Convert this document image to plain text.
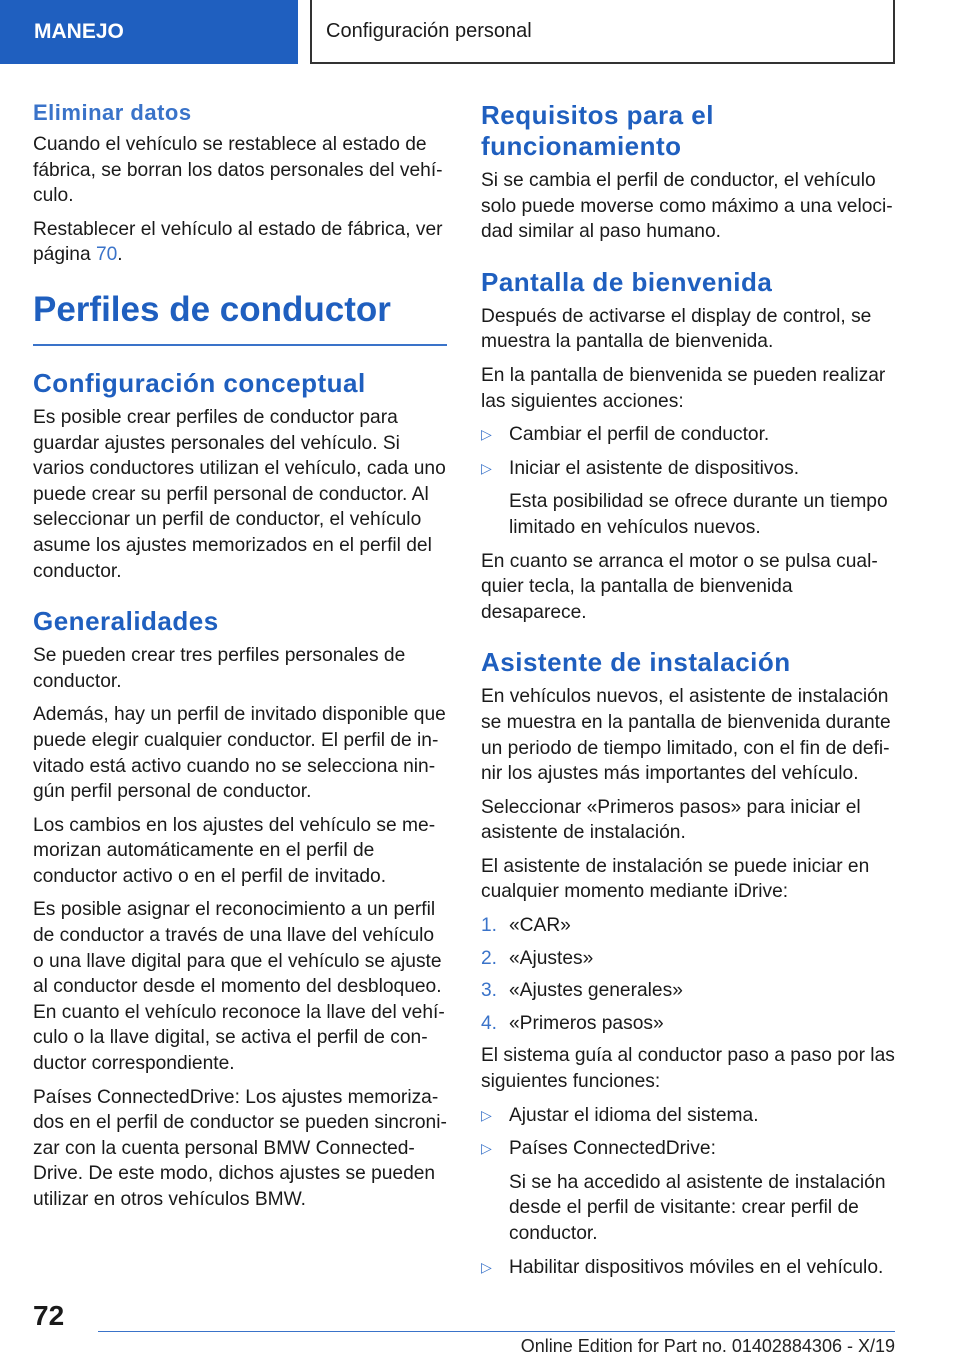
MANEJO	Configuración personal
Eliminar datos

Cuando el vehículo se restablece al estado de fábrica, se borran los datos personales del vehículo.

Restablecer el vehículo al estado de fábrica, ver página 70.

Perfiles de conductor
Configuración conceptual

Es posible crear perfiles de conductor para guardar ajustes personales del vehículo. Si varios conductores utilizan el vehículo, cada uno puede crear su perfil personal de conductor. Al seleccionar un perfil de conductor, el vehículo asume los ajustes memorizados en el perfil del conductor.

Generalidades

Se pueden crear tres perfiles personales de conductor.

Además, hay un perfil de invitado disponible que puede elegir cualquier conductor. El perfil de invitado está activo cuando no se selecciona ningún perfil personal de conductor.

Los cambios en los ajustes del vehículo se memorizan automáticamente en el perfil de conductor activo o en el perfil de invitado.

Es posible asignar el reconocimiento a un perfil de conductor a través de una llave del vehículo o una llave digital para que el vehículo se ajuste al conductor desde el momento del desbloqueo. En cuanto el vehículo reconoce la llave del vehículo o la llave digital, se activa el perfil de conductor correspondiente.

Países ConnectedDrive: Los ajustes memorizados en el perfil de conductor se pueden sincronizar con la cuenta personal BMW ConnectedDrive. De este modo, dichos ajustes se pueden utilizar en otros vehículos BMW.

Requisitos para el funcionamiento

Si se cambia el perfil de conductor, el vehículo solo puede moverse como máximo a una velocidad similar al paso humano.

Pantalla de bienvenida

Después de activarse el display de control, se muestra la pantalla de bienvenida.

En la pantalla de bienvenida se pueden realizar las siguientes acciones:

▷ Cambiar el perfil de conductor.
▷ Iniciar el asistente de dispositivos.

Esta posibilidad se ofrece durante un tiempo limitado en vehículos nuevos.

En cuanto se arranca el motor o se pulsa cualquier tecla, la pantalla de bienvenida desaparece.

Asistente de instalación

En vehículos nuevos, el asistente de instalación se muestra en la pantalla de bienvenida durante un periodo de tiempo limitado, con el fin de definir los ajustes más importantes del vehículo.

Seleccionar «Primeros pasos» para iniciar el asistente de instalación.

El asistente de instalación se puede iniciar en cualquier momento mediante iDrive:

1. «CAR»
2. «Ajustes»
3. «Ajustes generales»
4. «Primeros pasos»

El sistema guía al conductor paso a paso por las siguientes funciones:

▷ Ajustar el idioma del sistema.
▷ Países ConnectedDrive:

Si se ha accedido al asistente de instalación desde el perfil de visitante: crear perfil de conductor.

▷ Habilitar dispositivos móviles en el vehículo.
72
Online Edition for Part no. 01402884306 - X/19
